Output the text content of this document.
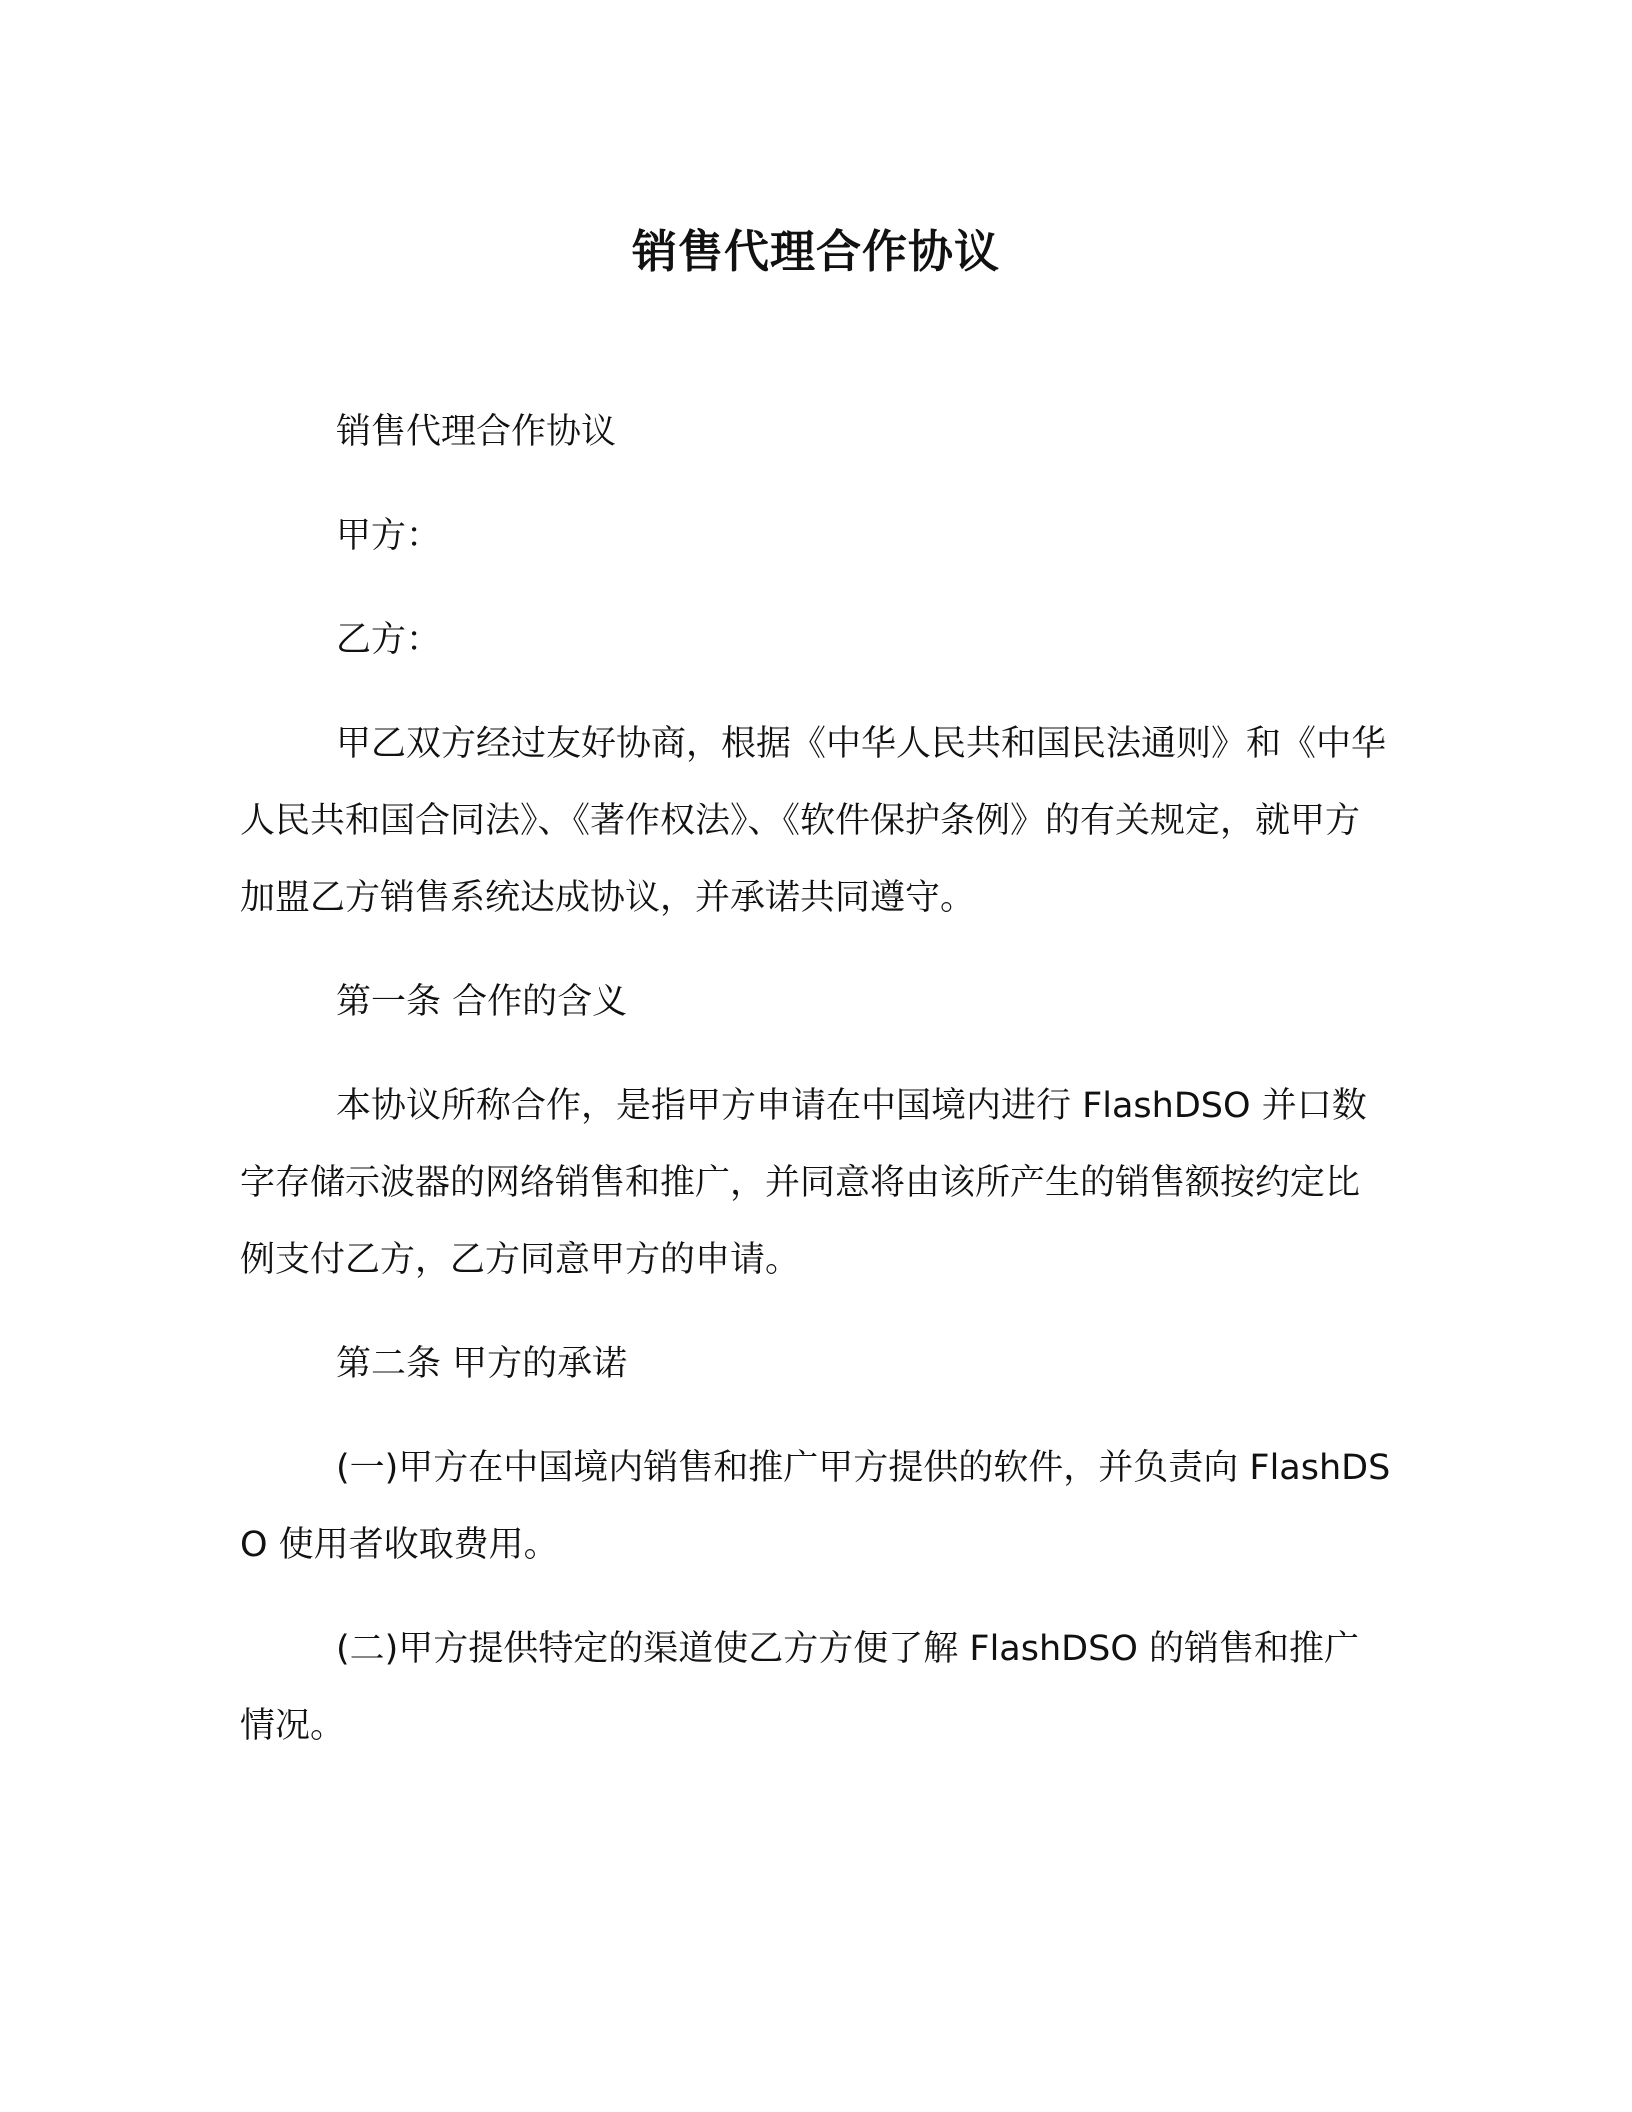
销售代理合作协议

销售代理合作协议

甲方：

乙方：

甲乙双方经过友好协商，根据《中华人民共和国民法通则》和《中华人民共和国合同法》、《著作权法》、《软件保护条例》的有关规定，就甲方加盟乙方销售系统达成协议，并承诺共同遵守。

第一条 合作的含义

本协议所称合作，是指甲方申请在中国境内进行 FlashDSO 并口数字存储示波器的网络销售和推广，并同意将由该所产生的销售额按约定比例支付乙方，乙方同意甲方的申请。

第二条 甲方的承诺

(一)甲方在中国境内销售和推广甲方提供的软件，并负责向 FlashDSO 使用者收取费用。

(二)甲方提供特定的渠道使乙方方便了解 FlashDSO 的销售和推广情况。
